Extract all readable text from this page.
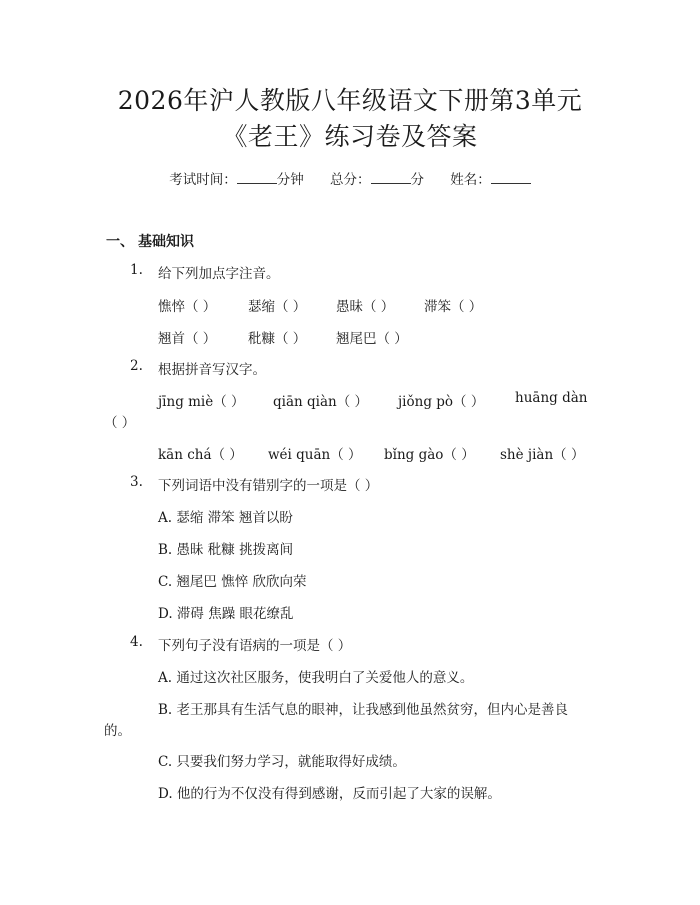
2026年沪人教版八年级语文下册第3单元
《老王》练习卷及答案
考试时间：	分钟 总分：	分 姓名：
一、 基础知识
1. 给下列加点字注音。
憔悴（ ） 瑟缩（ ） 愚昧（ ） 滞笨（ ）
翘首（ ） 秕糠（ ） 翘尾巴（ ）
2. 根据拼音写汉字。
jīng miè（ ） qiān qiàn（ ） jiǒng pò（ ） huāng dàn
（ ）
kān chá（ ） wéi quān（ ） bǐng gào（ ） shè jiàn（ ）
3. 下列词语中没有错别字的一项是（ ）
A. 瑟缩 滞笨 翘首以盼
B. 愚昧 秕糠 挑拨离间
C. 翘尾巴 憔悴 欣欣向荣
D. 滞碍 焦躁 眼花缭乱
4. 下列句子没有语病的一项是（ ）
A. 通过这次社区服务，使我明白了关爱他人的意义。
B. 老王那具有生活气息的眼神，让我感到他虽然贫穷，但内心是善良
的。
C. 只要我们努力学习，就能取得好成绩。
D. 他的行为不仅没有得到感谢，反而引起了大家的误解。
